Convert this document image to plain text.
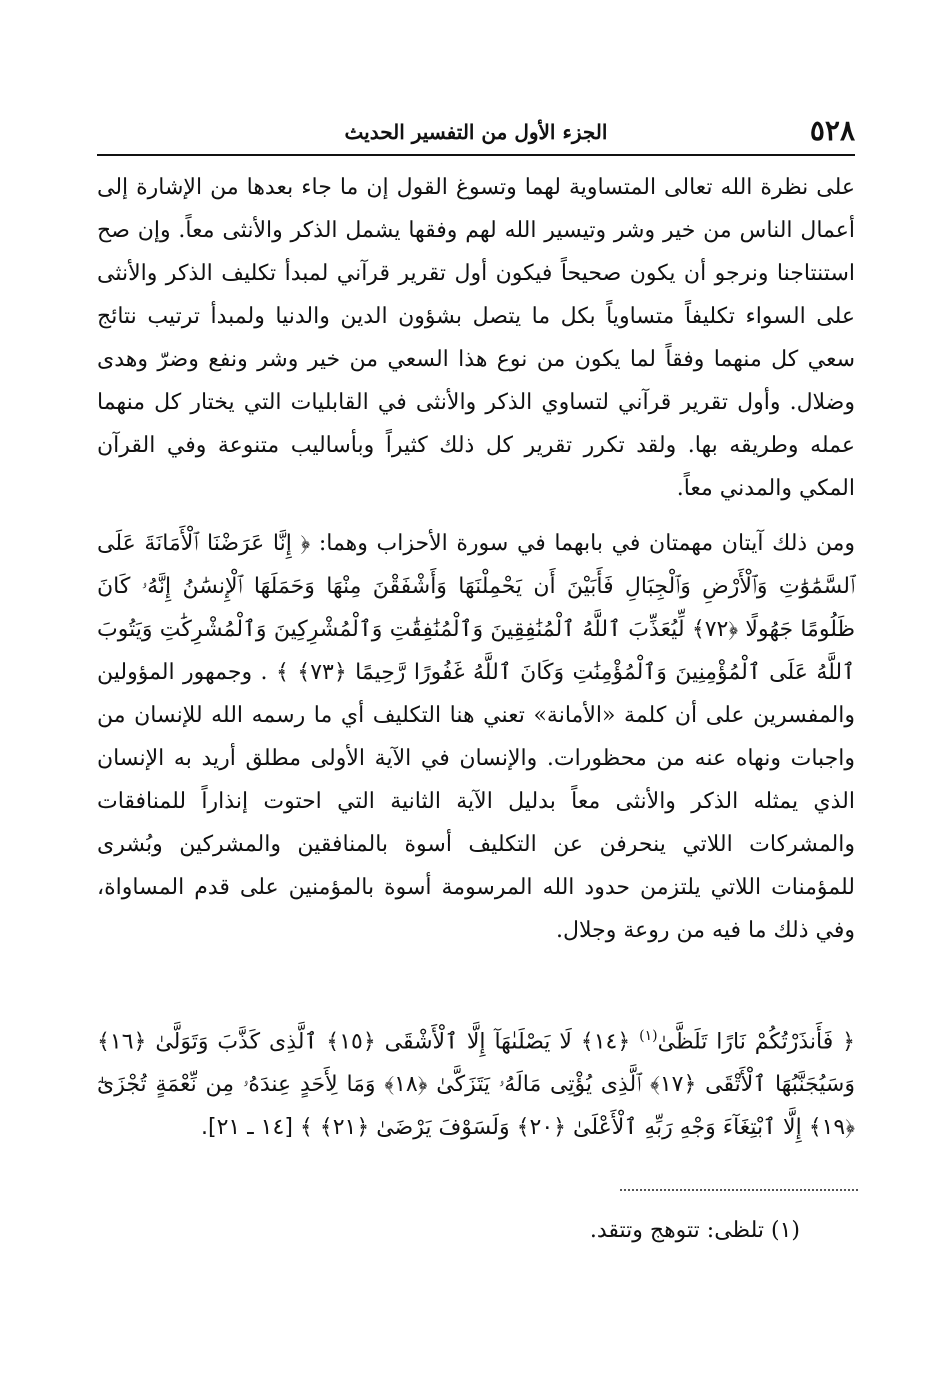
٥٢٨
الجزء الأول من التفسير الحديث

على نظرة الله تعالى المتساوية لهما وتسوغ القول إن ما جاء بعدها من الإشارة إلى أعمال الناس من خير وشر وتيسير الله لهم وفقها يشمل الذكر والأنثى معاً. وإن صح استنتاجنا ونرجو أن يكون صحيحاً فيكون أول تقرير قرآني لمبدأ تكليف الذكر والأنثى على السواء تكليفاً متساوياً بكل ما يتصل بشؤون الدين والدنيا ولمبدأ ترتيب نتائج سعي كل منهما وفقاً لما يكون من نوع هذا السعي من خير وشر ونفع وضرّ وهدى وضلال. وأول تقرير قرآني لتساوي الذكر والأنثى في القابليات التي يختار كل منهما عمله وطريقه بها. ولقد تكرر تقرير كل ذلك كثيراً وبأساليب متنوعة وفي القرآن المكي والمدني معاً.

ومن ذلك آيتان مهمتان في بابهما في سورة الأحزاب وهما: ﴿ إِنَّا عَرَضْنَا ٱلْأَمَانَةَ عَلَى ٱلسَّمَٰوَٰتِ وَٱلْأَرْضِ وَٱلْجِبَالِ فَأَبَيْنَ أَن يَحْمِلْنَهَا وَأَشْفَقْنَ مِنْهَا وَحَمَلَهَا ٱلْإِنسَٰنُ إِنَّهُۥ كَانَ ظَلُومًا جَهُولًا ﴿٧٢﴾ لِّيُعَذِّبَ ٱللَّهُ ٱلْمُنَٰفِقِينَ وَٱلْمُنَٰفِقَٰتِ وَٱلْمُشْرِكِينَ وَٱلْمُشْرِكَٰتِ وَيَتُوبَ ٱللَّهُ عَلَى ٱلْمُؤْمِنِينَ وَٱلْمُؤْمِنَٰتِ وَكَانَ ٱللَّهُ غَفُورًا رَّحِيمًا ﴿٧٣﴾ ﴾ . وجمهور المؤولين والمفسرين على أن كلمة «الأمانة» تعني هنا التكليف أي ما رسمه الله للإنسان من واجبات ونهاه عنه من محظورات. والإنسان في الآية الأولى مطلق أريد به الإنسان الذي يمثله الذكر والأنثى معاً بدليل الآية الثانية التي احتوت إنذاراً للمنافقات والمشركات اللاتي ينحرفن عن التكليف أسوة بالمنافقين والمشركين وبُشرى للمؤمنات اللاتي يلتزمن حدود الله المرسومة أسوة بالمؤمنين على قدم المساواة، وفي ذلك ما فيه من روعة وجلال.

﴿ فَأَنذَرْتُكُمْ نَارًا تَلَظَّىٰ$^{(١)}$ ﴿١٤﴾ لَا يَصْلَىٰهَآ إِلَّا ٱلْأَشْقَى ﴿١٥﴾ ٱلَّذِى كَذَّبَ وَتَوَلَّىٰ ﴿١٦﴾ وَسَيُجَنَّبُهَا ٱلْأَتْقَى ﴿١٧﴾ ٱلَّذِى يُؤْتِى مَالَهُۥ يَتَزَكَّىٰ ﴿١٨﴾ وَمَا لِأَحَدٍ عِندَهُۥ مِن نِّعْمَةٍ تُجْزَىٰٓ ﴿١٩﴾ إِلَّا ٱبْتِغَآءَ وَجْهِ رَبِّهِ ٱلْأَعْلَىٰ ﴿٢٠﴾ وَلَسَوْفَ يَرْضَىٰ ﴿٢١﴾ ﴾ [١٤ ـ ٢١].

(١) تلظى: تتوهج وتتقد.
